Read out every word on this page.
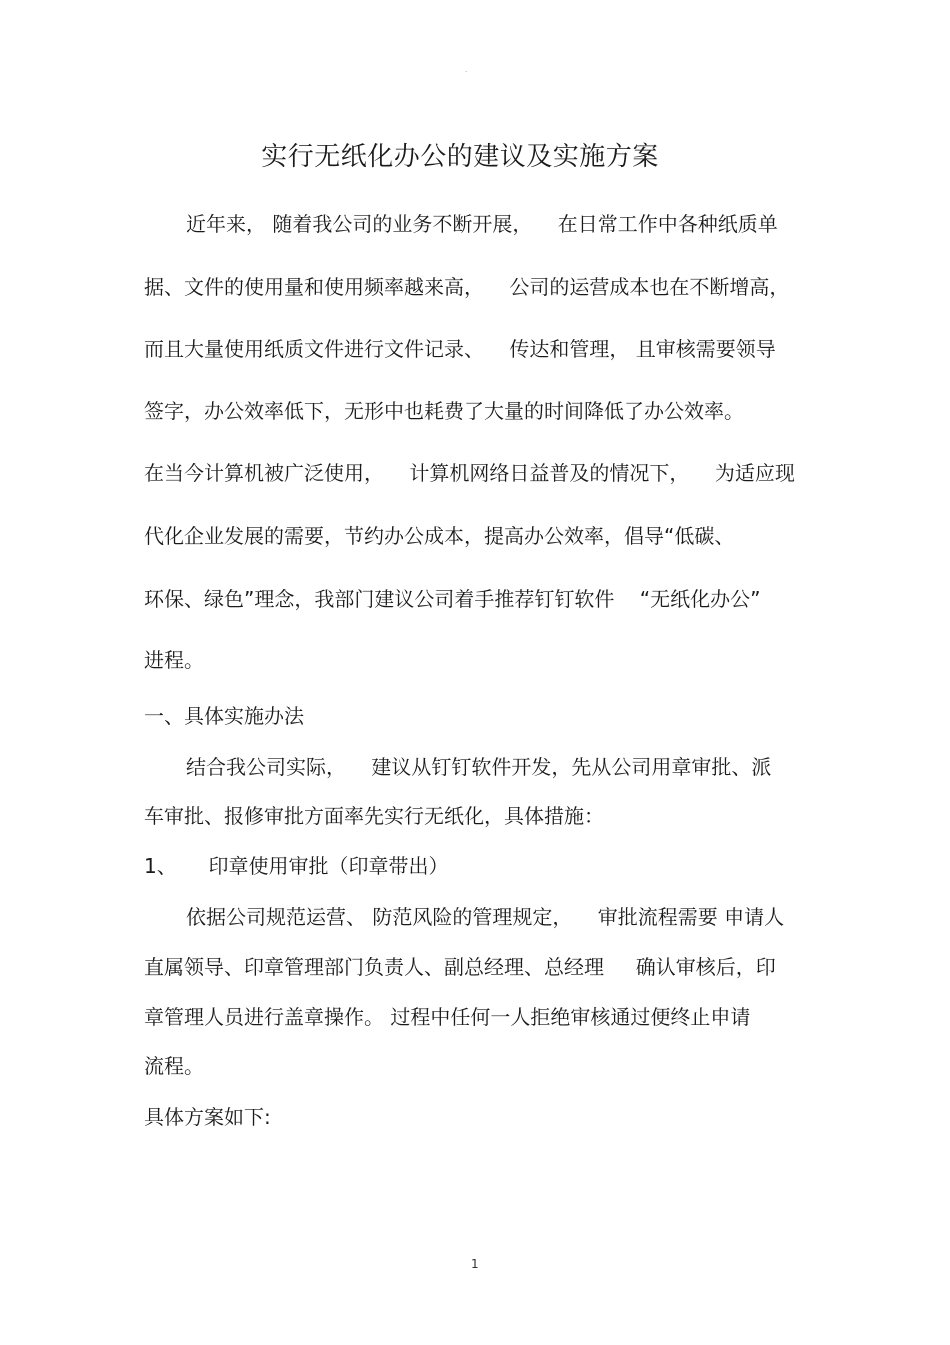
·
实行无纸化办公的建议及实施方案
近年来， 随着我公司的业务不断开展，    在日常工作中各种纸质单
据、文件的使用量和使用频率越来高，    公司的运营成本也在不断增高，
而且大量使用纸质文件进行文件记录、    传达和管理， 且审核需要领导
签字，办公效率低下，无形中也耗费了大量的时间降低了办公效率。
在当今计算机被广泛使用，    计算机网络日益普及的情况下，    为适应现
代化企业发展的需要，节约办公成本，提高办公效率，倡导“低碳、
环保、绿色”理念，我部门建议公司着手推荐钉钉软件    “无纸化办公”
进程。
一、具体实施办法
结合我公司实际，    建议从钉钉软件开发，先从公司用章审批、派
车审批、报修审批方面率先实行无纸化，具体措施：
1、     印章使用审批（印章带出）
依据公司规范运营、 防范风险的管理规定，    审批流程需要 申请人
直属领导、印章管理部门负责人、副总经理、总经理     确认审核后，印
章管理人员进行盖章操作。 过程中任何一人拒绝审核通过便终止申请
流程。
具体方案如下:
1
